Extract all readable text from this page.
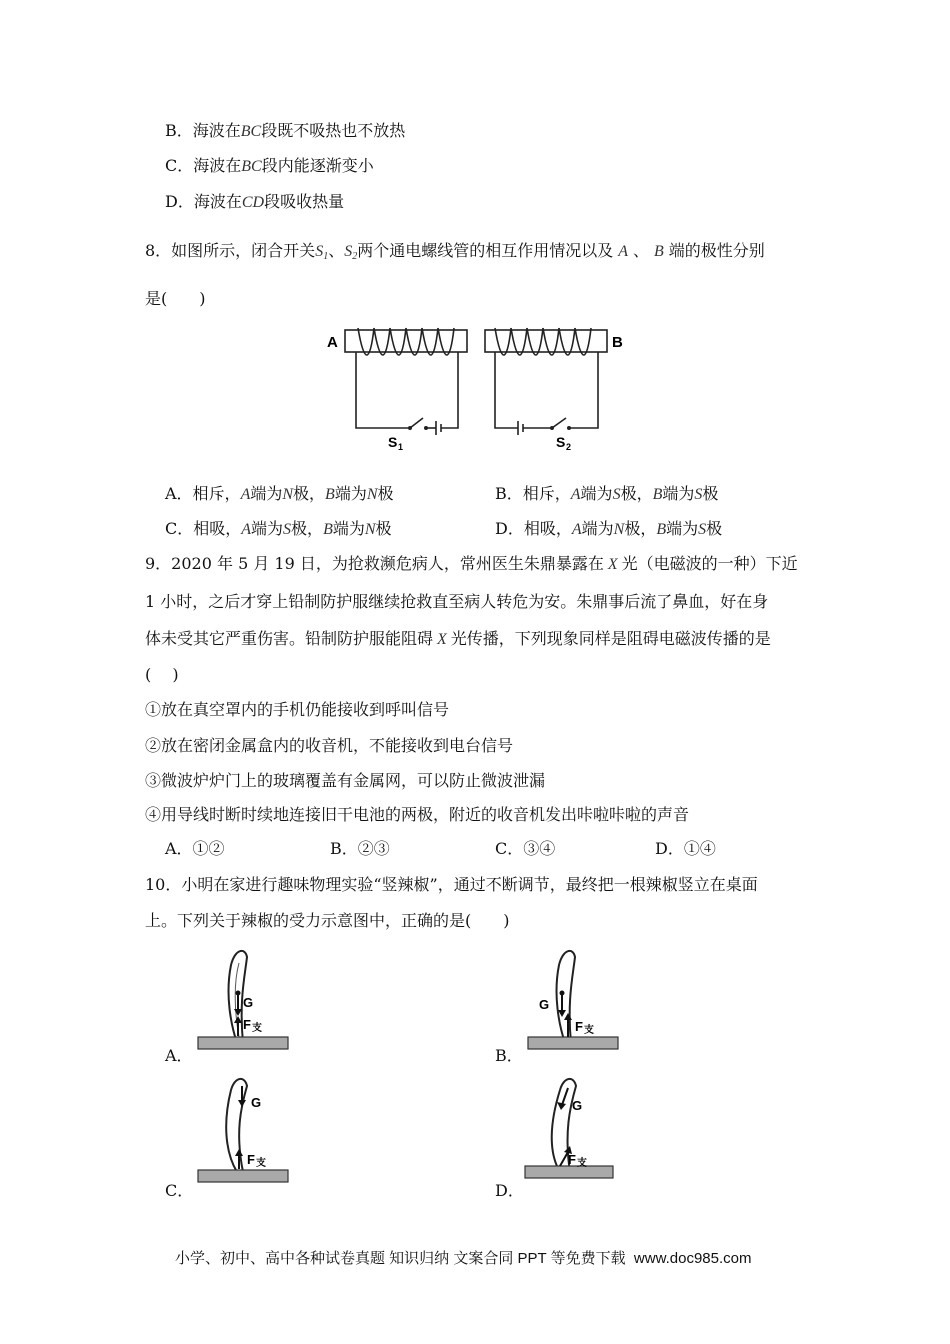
B．海波在BC段既不吸热也不放热
C．海波在BC段内能逐渐变小
D．海波在CD段吸收热量
8．如图所示，闭合开关$S_1$、$S_2$两个通电螺线管的相互作用情况以及 A 、 B 端的极性分别
是(　　)
A	B
S 1	S 2
A．相斥，A端为N极，B端为N极	B．相斥，A端为S极，B端为S极
C．相吸，A端为S极，B端为N极	D．相吸，A端为N极，B端为S极
9．2020 年 5 月 19 日，为抢救濒危病人，常州医生朱鼎暴露在 X 光（电磁波的一种）下近
1 小时，之后才穿上铅制防护服继续抢救直至病人转危为安。朱鼎事后流了鼻血，好在身
体未受其它严重伤害。铅制防护服能阻碍 X 光传播，下列现象同样是阻碍电磁波传播的是
(　 )
①放在真空罩内的手机仍能接收到呼叫信号
②放在密闭金属盒内的收音机，不能接收到电台信号
③微波炉炉门上的玻璃覆盖有金属网，可以防止微波泄漏
④用导线时断时续地连接旧干电池的两极，附近的收音机发出咔啦咔啦的声音
A．①②	B．②③	C．③④	D．①④
10．小明在家进行趣味物理实验“竖辣椒”，通过不断调节，最终把一根辣椒竖立在桌面
上。下列关于辣椒的受力示意图中，正确的是(　　)
A．
G
F 支
B．
G
F 支
C．
G
F 支
D．
G
F 支
小学、初中、高中各种试卷真题 知识归纳 文案合同 PPT 等免费下载 www.doc985.com
